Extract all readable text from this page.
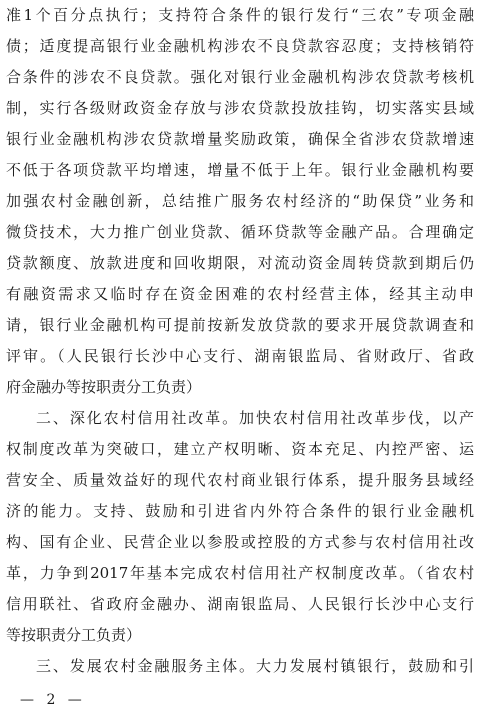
准1个百分点执行；支持符合条件的银行发行“三农”专项金融
债；适度提高银行业金融机构涉农不良贷款容忍度；支持核销符
合条件的涉农不良贷款。强化对银行业金融机构涉农贷款考核机
制，实行各级财政资金存放与涉农贷款投放挂钩，切实落实县域
银行业金融机构涉农贷款增量奖励政策，确保全省涉农贷款增速
不低于各项贷款平均增速，增量不低于上年。银行业金融机构要
加强农村金融创新，总结推广服务农村经济的“助保贷”业务和
微贷技术，大力推广创业贷款、循环贷款等金融产品。合理确定
贷款额度、放款进度和回收期限，对流动资金周转贷款到期后仍
有融资需求又临时存在资金困难的农村经营主体，经其主动申
请，银行业金融机构可提前按新发放贷款的要求开展贷款调查和
评审。（人民银行长沙中心支行、湖南银监局、省财政厅、省政
府金融办等按职责分工负责）
二、深化农村信用社改革。加快农村信用社改革步伐，以产
权制度改革为突破口，建立产权明晰、资本充足、内控严密、运
营安全、质量效益好的现代农村商业银行体系，提升服务县域经
济的能力。支持、鼓励和引进省内外符合条件的银行业金融机
构、国有企业、民营企业以参股或控股的方式参与农村信用社改
革，力争到2017年基本完成农村信用社产权制度改革。（省农村
信用联社、省政府金融办、湖南银监局、人民银行长沙中心支行
等按职责分工负责）
三、发展农村金融服务主体。大力发展村镇银行，鼓励和引
— 2 —
